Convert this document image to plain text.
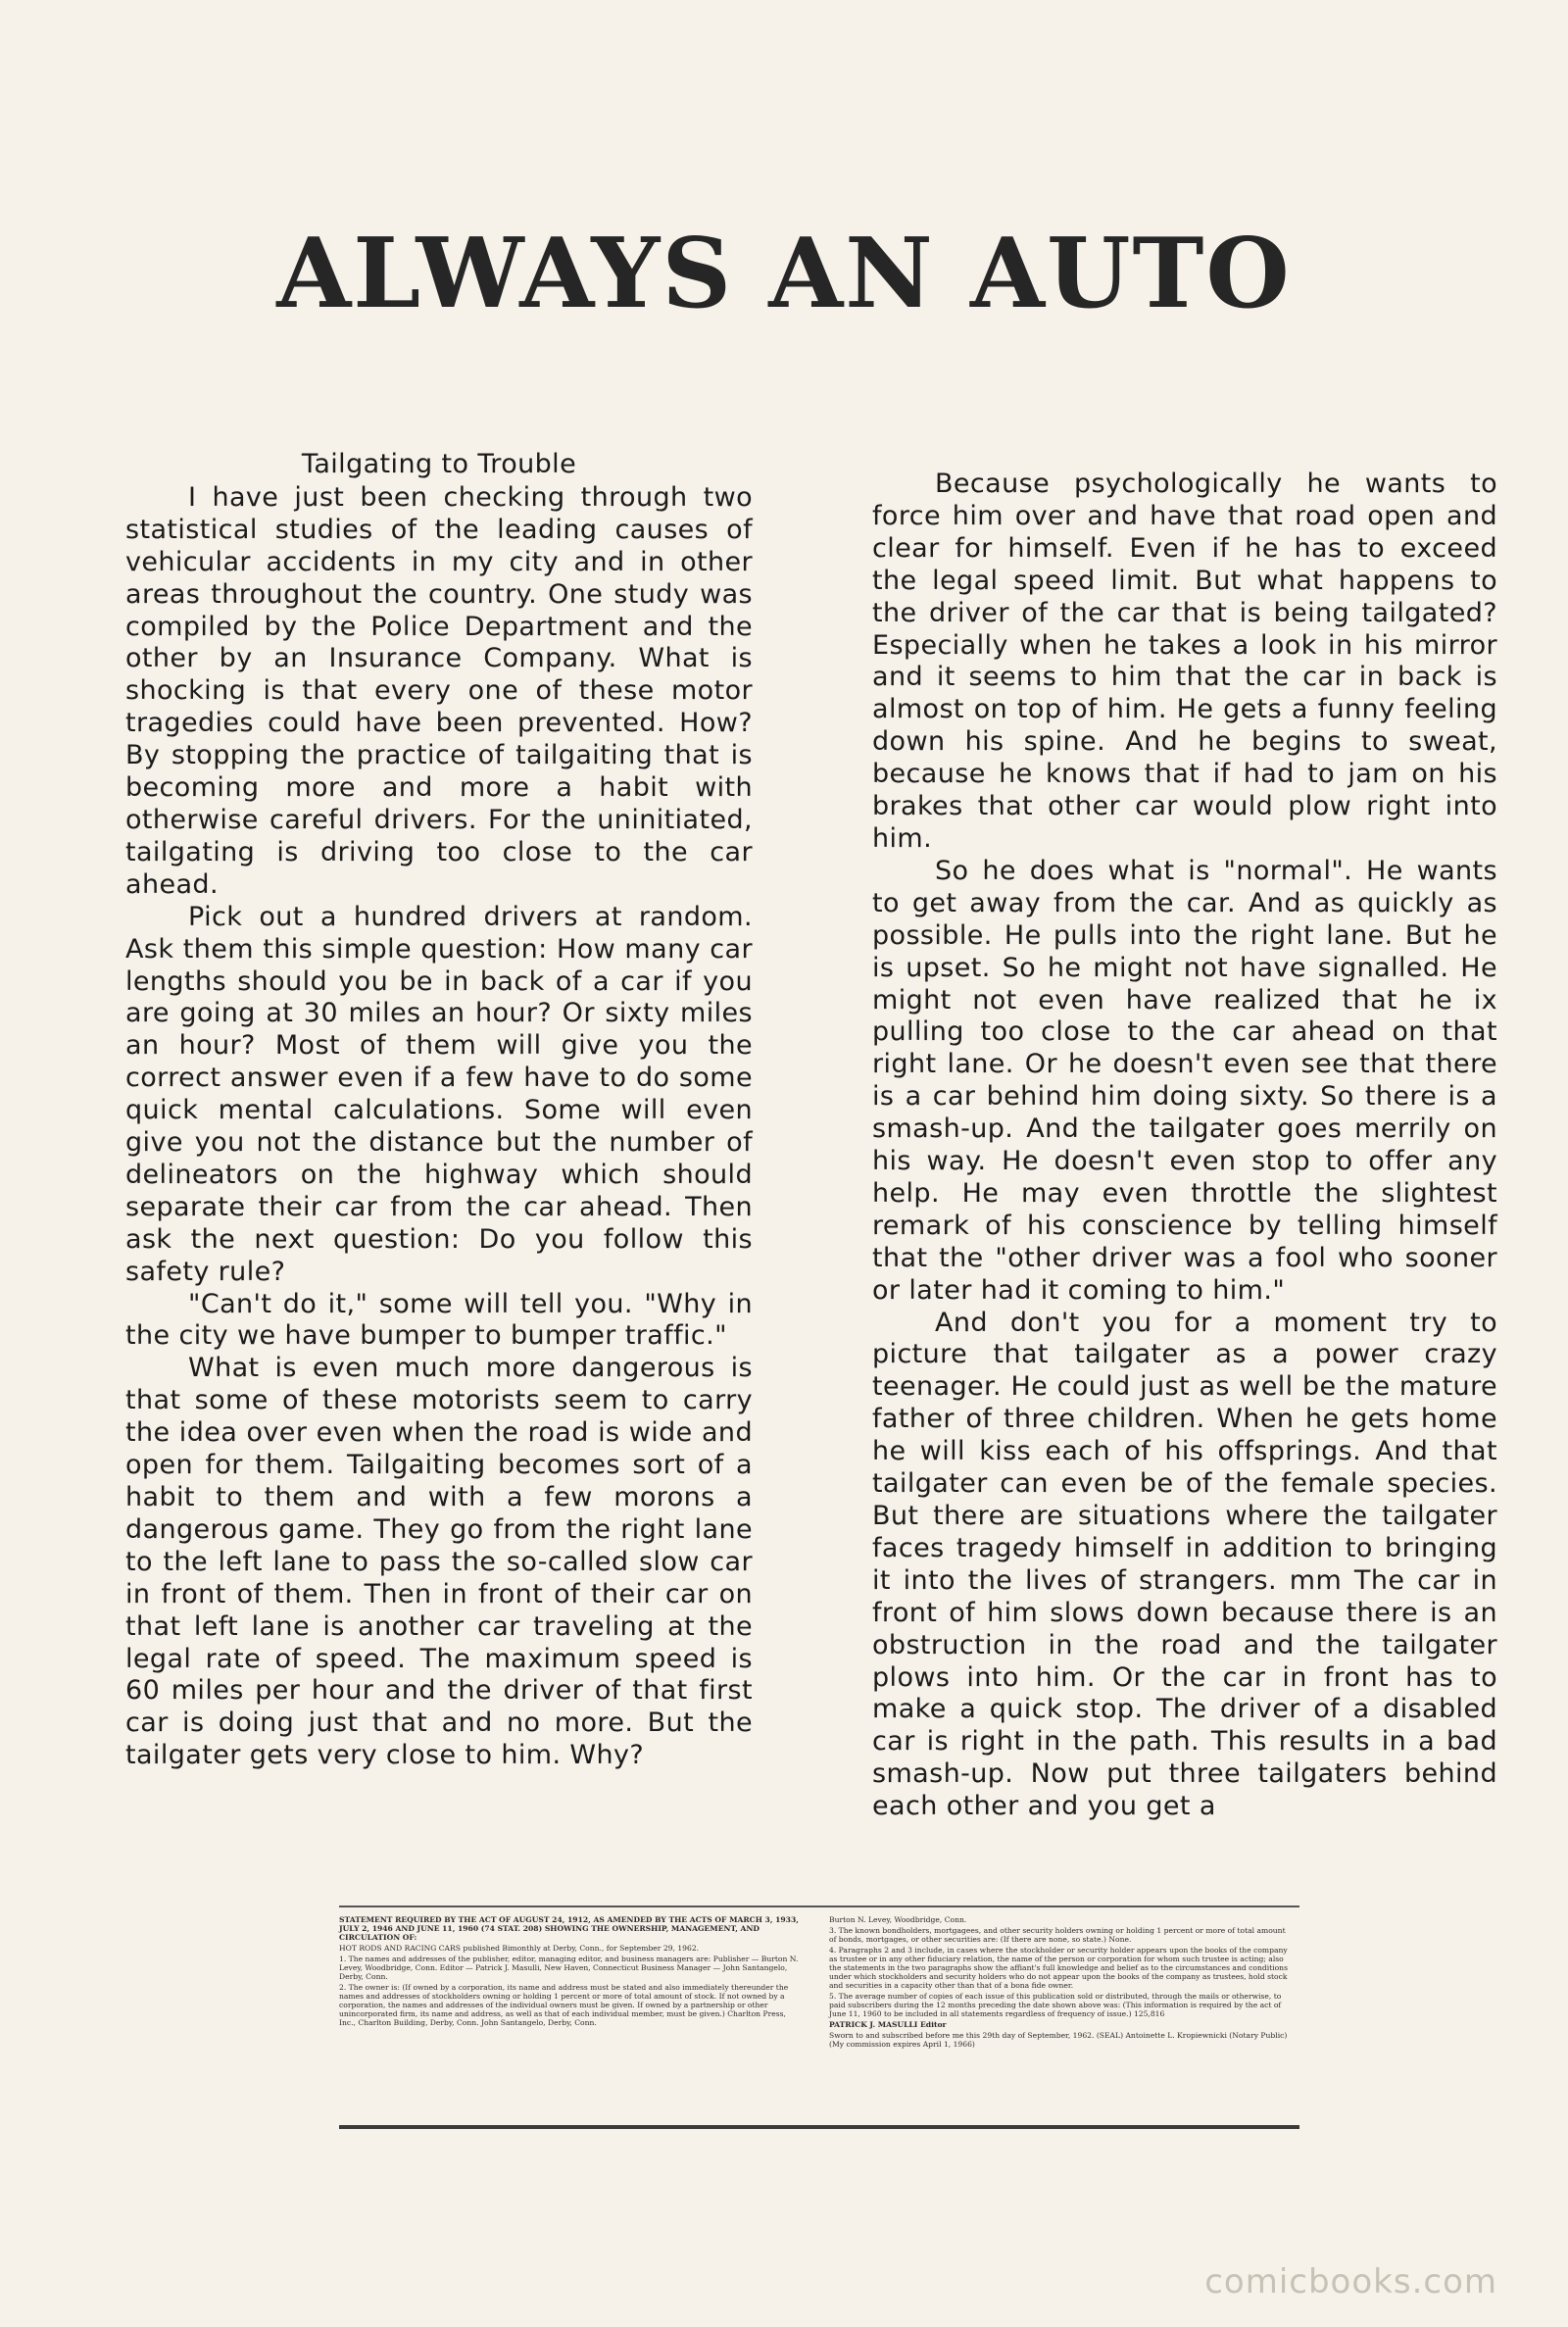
ALWAYS AN AUTO
Tailgating to Trouble

I have just been checking through two statistical studies of the leading causes of vehicular accidents in my city and in other areas throughout the country. One study was compiled by the Police Department and the other by an Insurance Company. What is shocking is that every one of these motor tragedies could have been prevented. How? By stopping the practice of tailgaiting that is becoming more and more a habit with otherwise careful drivers. For the uninitiated, tailgating is driving too close to the car ahead.

Pick out a hundred drivers at random. Ask them this simple question: How many car lengths should you be in back of a car if you are going at 30 miles an hour? Or sixty miles an hour? Most of them will give you the correct answer even if a few have to do some quick mental calculations. Some will even give you not the distance but the number of delineators on the highway which should separate their car from the car ahead. Then ask the next question: Do you follow this safety rule?

"Can't do it," some will tell you. "Why in the city we have bumper to bumper traffic."

What is even much more dangerous is that some of these motorists seem to carry the idea over even when the road is wide and open for them. Tailgaiting becomes sort of a habit to them and with a few morons a dangerous game. They go from the right lane to the left lane to pass the so-called slow car in front of them. Then in front of their car on that left lane is another car traveling at the legal rate of speed. The maximum speed is 60 miles per hour and the driver of that first car is doing just that and no more. But the tailgater gets very close to him. Why?

Because psychologically he wants to force him over and have that road open and clear for himself. Even if he has to exceed the legal speed limit. But what happens to the driver of the car that is being tailgated? Especially when he takes a look in his mirror and it seems to him that the car in back is almost on top of him. He gets a funny feeling down his spine. And he begins to sweat, because he knows that if had to jam on his brakes that other car would plow right into him.

So he does what is "normal". He wants to get away from the car. And as quickly as possible. He pulls into the right lane. But he is upset. So he might not have signalled. He might not even have realized that he ix pulling too close to the car ahead on that right lane. Or he doesn't even see that there is a car behind him doing sixty. So there is a smash-up. And the tailgater goes merrily on his way. He doesn't even stop to offer any help. He may even throttle the slightest remark of his conscience by telling himself that the "other driver was a fool who sooner or later had it coming to him."

And don't you for a moment try to picture that tailgater as a power crazy teenager. He could just as well be the mature father of three children. When he gets home he will kiss each of his offsprings. And that tailgater can even be of the female species. But there are situations where the tailgater faces tragedy himself in addition to bringing it into the lives of strangers. mm The car in front of him slows down because there is an obstruction in the road and the tailgater plows into him. Or the car in front has to make a quick stop. The driver of a disabled car is right in the path. This results in a bad smash-up. Now put three tailgaters behind each other and you get a

STATEMENT REQUIRED BY THE ACT OF AUGUST 24, 1912, AS AMENDED BY THE ACTS OF MARCH 3, 1933, JULY 2, 1946 AND JUNE 11, 1960 (74 STAT. 208) SHOWING THE OWNERSHIP, MANAGEMENT, AND CIRCULATION OF:

HOT RODS AND RACING CARS published Bimonthly at Derby, Conn., for September 29, 1962.

1. The names and addresses of the publisher, editor, managing editor, and business managers are: Publisher — Burton N. Levey, Woodbridge, Conn. Editor — Patrick J. Masulli, New Haven, Connecticut Business Manager — John Santangelo, Derby, Conn.

2. The owner is: (If owned by a corporation, its name and address must be stated and also immediately thereunder the names and addresses of stockholders owning or holding 1 percent or more of total amount of stock. If not owned by a corporation, the names and addresses of the individual owners must be given. If owned by a partnership or other unincorporated firm, its name and address, as well as that of each individual member, must be given.) Charlton Press, Inc., Charlton Building, Derby, Conn. John Santangelo, Derby, Conn.

Burton N. Levey, Woodbridge, Conn.

3. The known bondholders, mortgagees, and other security holders owning or holding 1 percent or more of total amount of bonds, mortgages, or other securities are: (If there are none, so state.) None.

4. Paragraphs 2 and 3 include, in cases where the stockholder or security holder appears upon the books of the company as trustee or in any other fiduciary relation, the name of the person or corporation for whom such trustee is acting; also the statements in the two paragraphs show the affiant's full knowledge and belief as to the circumstances and conditions under which stockholders and security holders who do not appear upon the books of the company as trustees, hold stock and securities in a capacity other than that of a bona fide owner.

5. The average number of copies of each issue of this publication sold or distributed, through the mails or otherwise, to paid subscribers during the 12 months preceding the date shown above was: (This information is required by the act of June 11, 1960 to be included in all statements regardless of frequency of issue.) 125,816

PATRICK J. MASULLI Editor

Sworn to and subscribed before me this 29th day of September, 1962. (SEAL) Antoinette L. Kropiewnicki (Notary Public) (My commission expires April 1, 1966)

comicbooks.com
